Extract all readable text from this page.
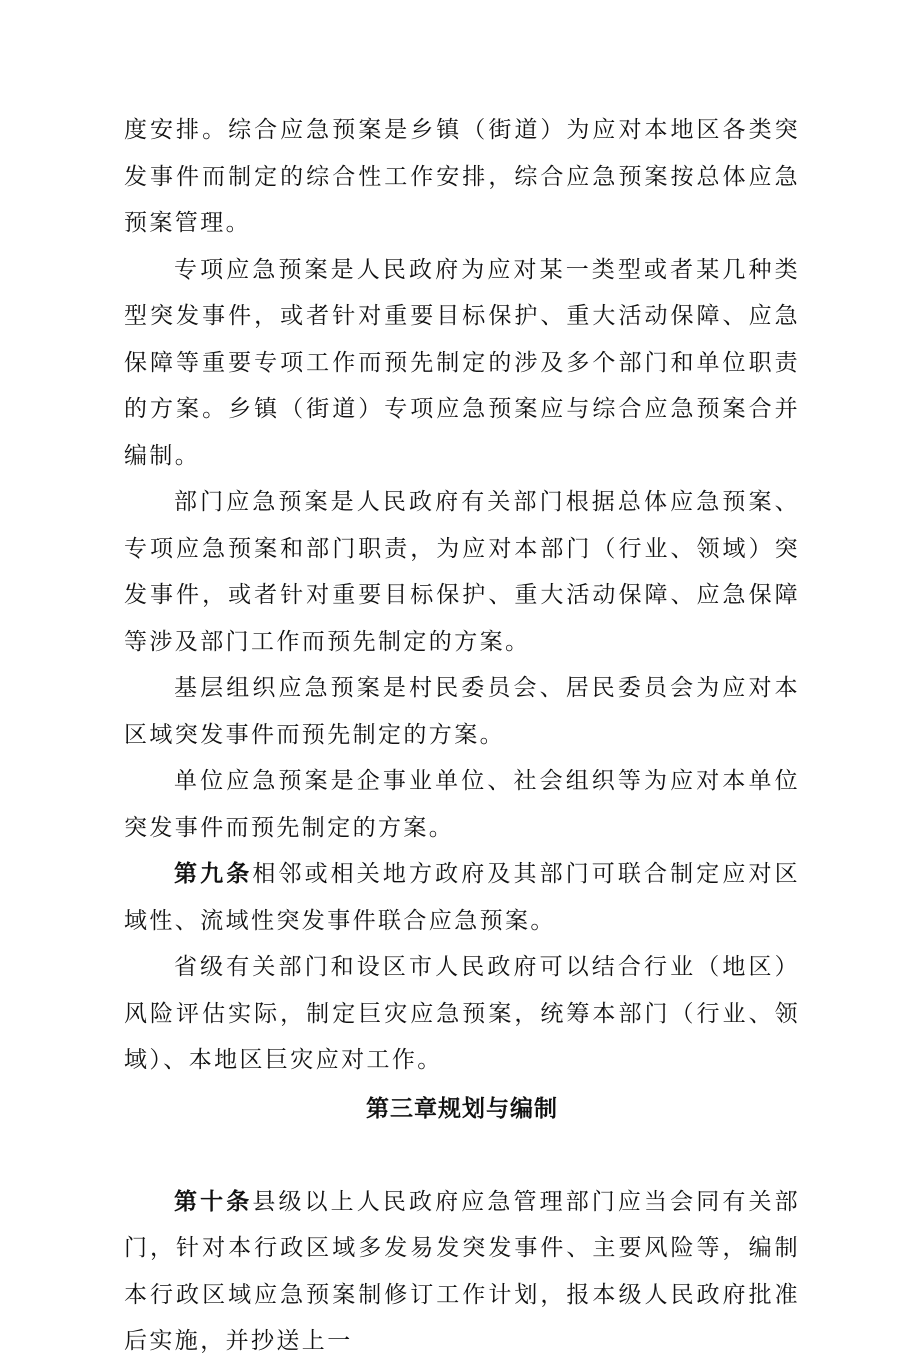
度安排。综合应急预案是乡镇（街道）为应对本地区各类突发事件而制定的综合性工作安排，综合应急预案按总体应急预案管理。

专项应急预案是人民政府为应对某一类型或者某几种类型突发事件，或者针对重要目标保护、重大活动保障、应急保障等重要专项工作而预先制定的涉及多个部门和单位职责的方案。乡镇（街道）专项应急预案应与综合应急预案合并编制。

部门应急预案是人民政府有关部门根据总体应急预案、专项应急预案和部门职责，为应对本部门（行业、领域）突发事件，或者针对重要目标保护、重大活动保障、应急保障等涉及部门工作而预先制定的方案。

基层组织应急预案是村民委员会、居民委员会为应对本区域突发事件而预先制定的方案。

单位应急预案是企事业单位、社会组织等为应对本单位突发事件而预先制定的方案。

第九条相邻或相关地方政府及其部门可联合制定应对区域性、流域性突发事件联合应急预案。

省级有关部门和设区市人民政府可以结合行业（地区）风险评估实际，制定巨灾应急预案，统筹本部门（行业、领域）、本地区巨灾应对工作。

第三章规划与编制

第十条县级以上人民政府应急管理部门应当会同有关部门，针对本行政区域多发易发突发事件、主要风险等，编制本行政区域应急预案制修订工作计划，报本级人民政府批准后实施，并抄送上一
